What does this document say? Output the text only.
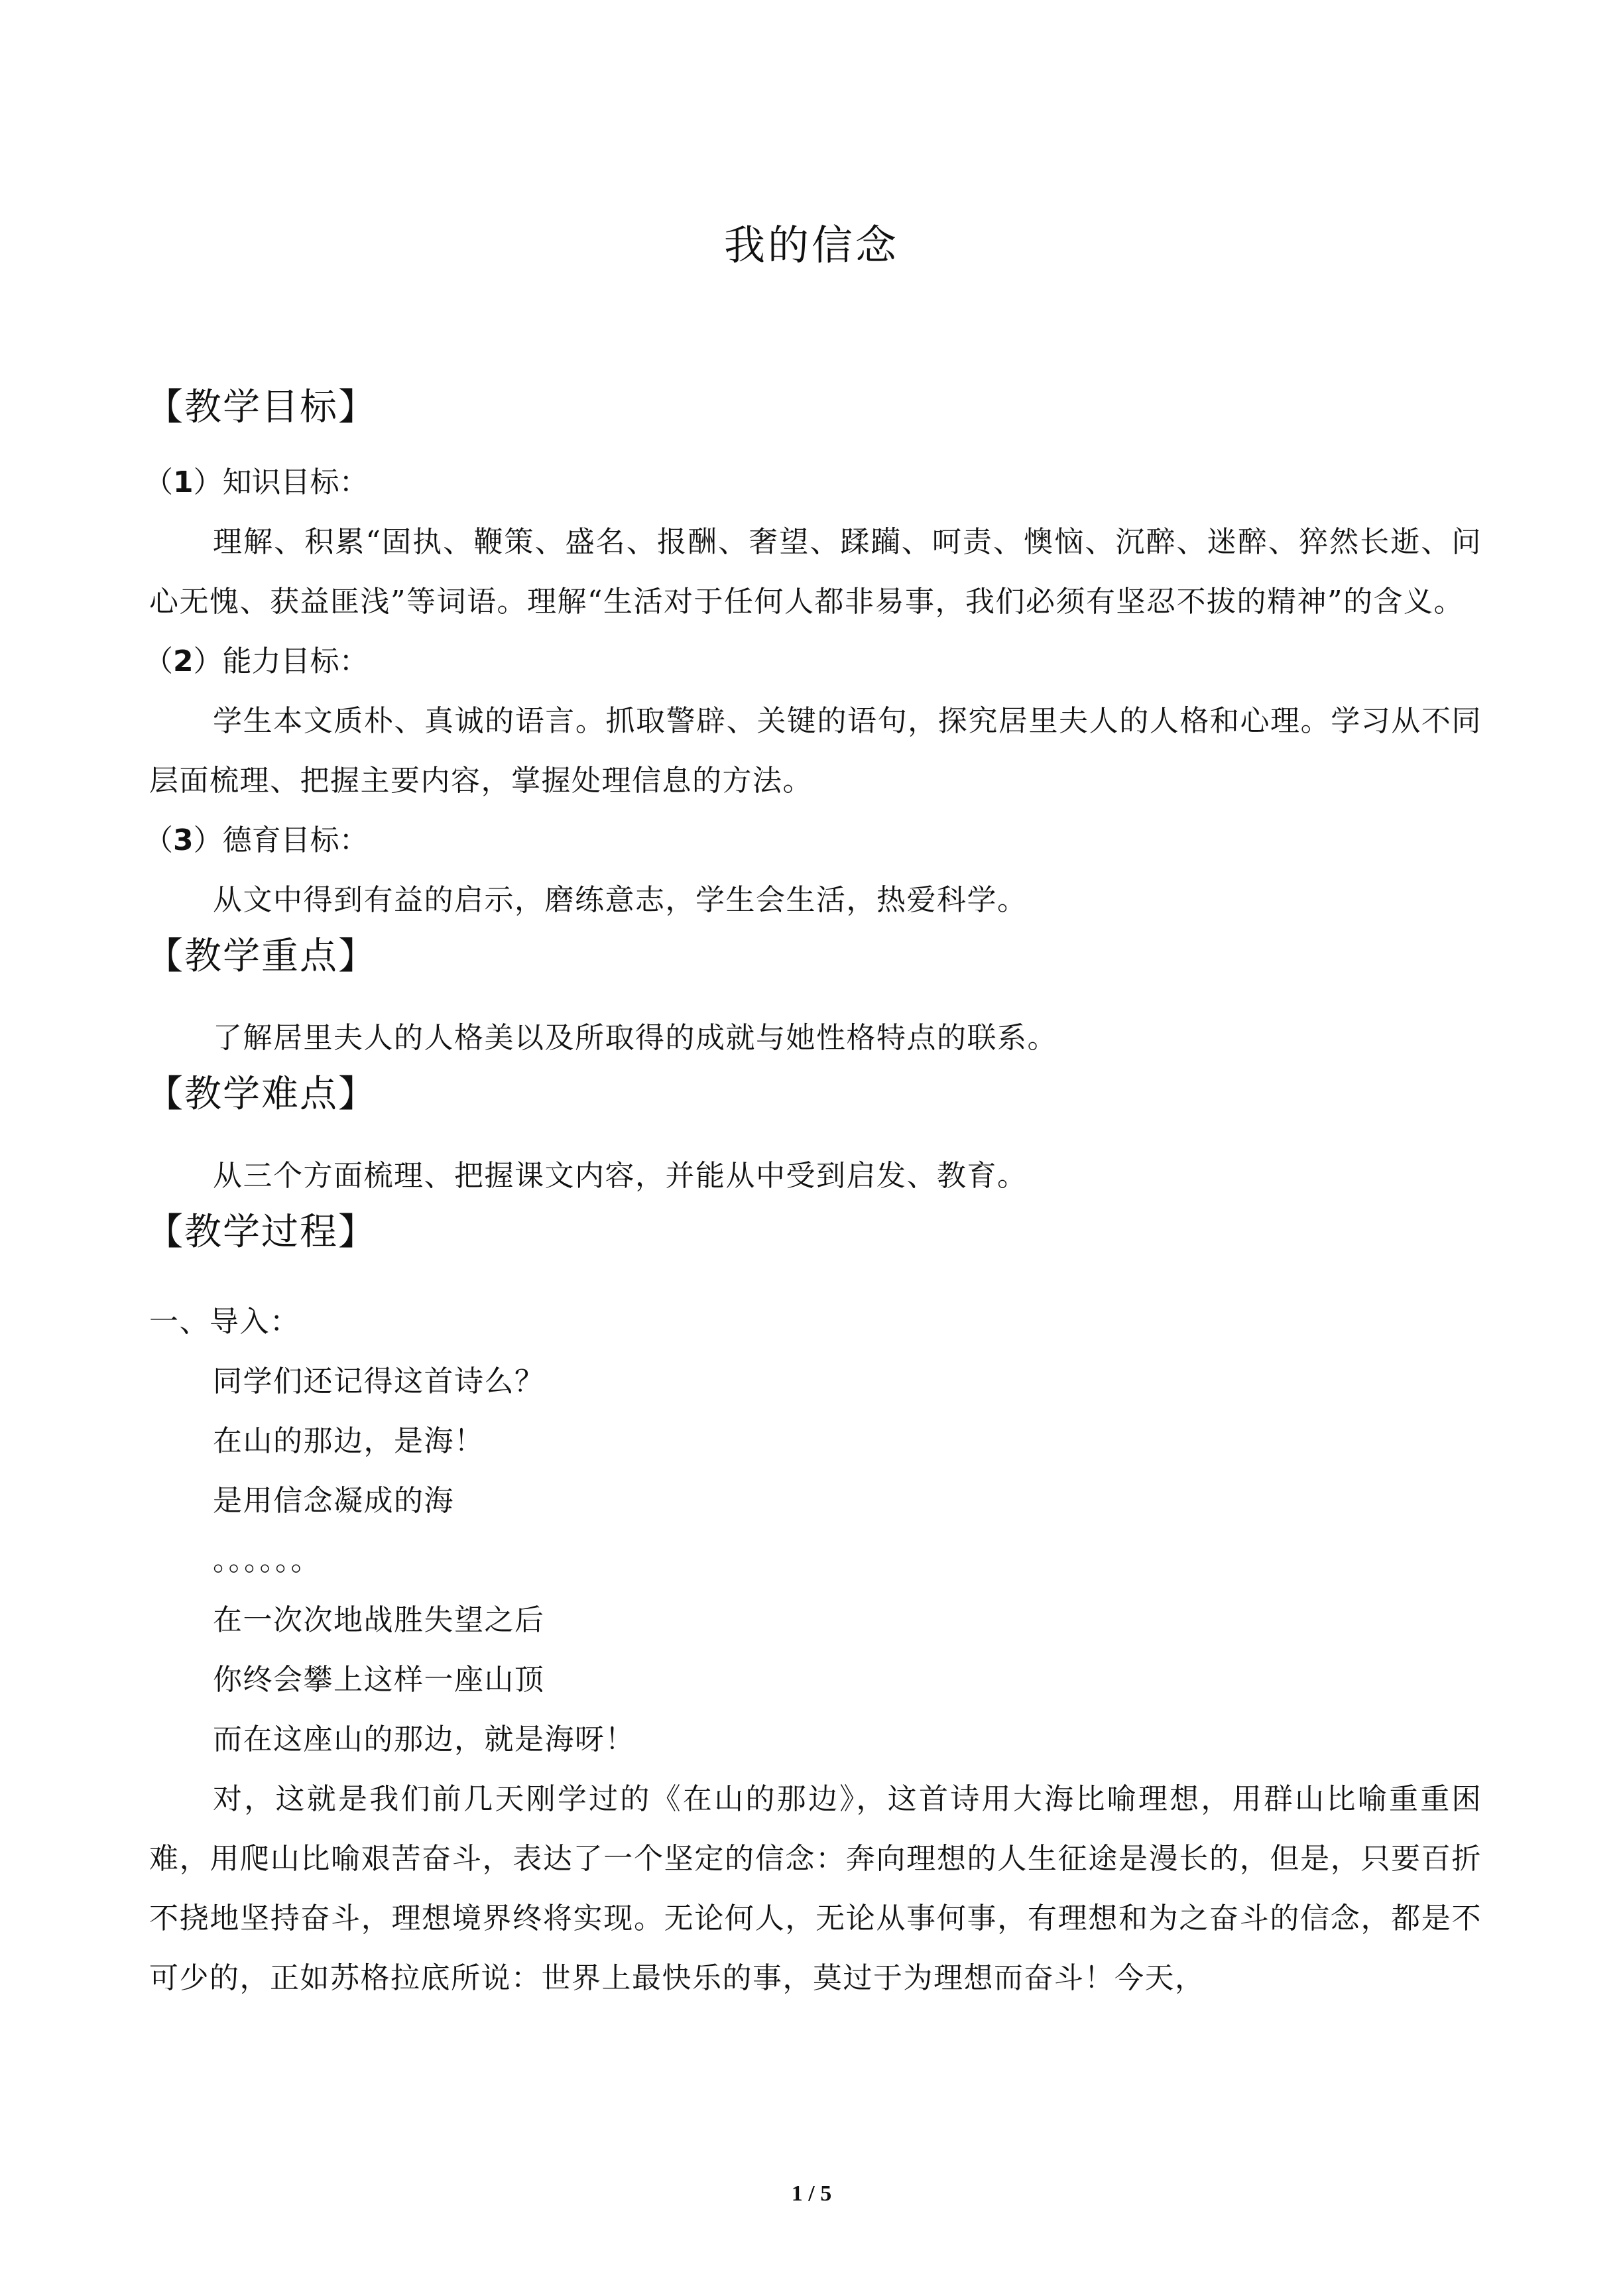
我的信念
【教学目标】
（1）知识目标：

理解、积累“固执、鞭策、盛名、报酬、奢望、蹂躏、呵责、懊恼、沉醉、迷醉、猝然长逝、问心无愧、获益匪浅”等词语。理解“生活对于任何人都非易事，我们必须有坚忍不拔的精神”的含义。

（2）能力目标：

学生本文质朴、真诚的语言。抓取警辟、关键的语句，探究居里夫人的人格和心理。学习从不同层面梳理、把握主要内容，掌握处理信息的方法。

（3）德育目标：

从文中得到有益的启示，磨练意志，学生会生活，热爱科学。

【教学重点】

了解居里夫人的人格美以及所取得的成就与她性格特点的联系。

【教学难点】

从三个方面梳理、把握课文内容，并能从中受到启发、教育。

【教学过程】
一、导入：
同学们还记得这首诗么？
在山的那边，是海！
是用信念凝成的海
。。。。。。
在一次次地战胜失望之后
你终会攀上这样一座山顶
而在这座山的那边，就是海呀！

对，这就是我们前几天刚学过的《在山的那边》，这首诗用大海比喻理想，用群山比喻重重困难，用爬山比喻艰苦奋斗，表达了一个坚定的信念：奔向理想的人生征途是漫长的，但是，只要百折不挠地坚持奋斗，理想境界终将实现。无论何人，无论从事何事，有理想和为之奋斗的信念，都是不可少的，正如苏格拉底所说：世界上最快乐的事，莫过于为理想而奋斗！今天，

1 / 5
